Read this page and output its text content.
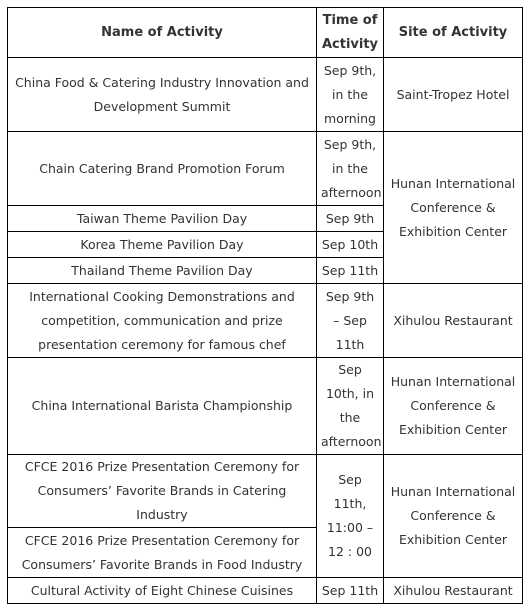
Name of Activity	Time of Activity	Site of Activity
China Food & Catering Industry Innovation and Development Summit	Sep 9th, in the morning	Saint-Tropez Hotel
Chain Catering Brand Promotion Forum	Sep 9th, in the afternoon	Hunan International Conference & Exhibition Center
Taiwan Theme Pavilion Day	Sep 9th	
Korea Theme Pavilion Day	Sep 10th	
Thailand Theme Pavilion Day	Sep 11th	
International Cooking Demonstrations and competition, communication and prize presentation ceremony for famous chef	Sep 9th – Sep 11th	Xihulou Restaurant
China International Barista Championship	Sep 10th, in the afternoon	Hunan International Conference & Exhibition Center
CFCE 2016 Prize Presentation Ceremony for Consumers’ Favorite Brands in Catering Industry	Sep 11th, 11:00 – 12 : 00	Hunan International Conference & Exhibition Center
CFCE 2016 Prize Presentation Ceremony for Consumers’ Favorite Brands in Food Industry		
Cultural Activity of Eight Chinese Cuisines	Sep 11th	Xihulou Restaurant
